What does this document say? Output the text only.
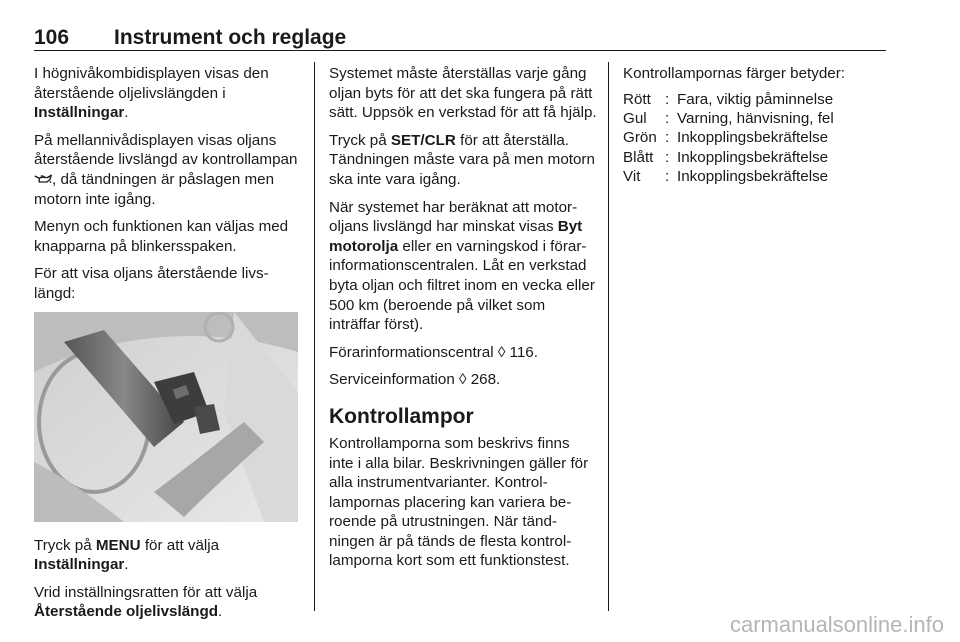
106 Instrument och reglage

I högnivåkombidisplayen visas den återstående oljelivslängden i Inställningar.

På mellannivådisplayen visas oljans återstående livslängd av kontrollampan , då tändningen är påslagen men motorn inte igång.

Menyn och funktionen kan väljas med knapparna på blinkersspaken.

För att visa oljans återstående livslängd:

Tryck på MENU för att välja Inställningar.

Vrid inställningsratten för att välja Återstående oljelivslängd.

Systemet måste återställas varje gång oljan byts för att det ska fungera på rätt sätt. Uppsök en verkstad för att få hjälp.

Tryck på SET/CLR för att återställa. Tändningen måste vara på men motorn ska inte vara igång.

När systemet har beräknat att motoroljans livslängd har minskat visas Byt motorolja eller en varningskod i förarinformationscentralen. Låt en verkstad byta oljan och filtret inom en vecka eller 500 km (beroende på vilket som inträffar först).

Förarinformationscentral ◊ 116.

Serviceinformation ◊ 268.

Kontrollampor

Kontrollamporna som beskrivs finns inte i alla bilar. Beskrivningen gäller för alla instrumentvarianter. Kontrollampornas placering kan variera beroende på utrustningen. När tändningen är på tänds de flesta kontrollamporna kort som ett funktionstest.

Kontrollampornas färger betyder:

Rött : Fara, viktig påminnelse
Gul	: Varning, hänvisning, fel
Grön : Inkopplingsbekräftelse
Blått : Inkopplingsbekräftelse
Vit	: Inkopplingsbekräftelse
carmanualsonline.info
